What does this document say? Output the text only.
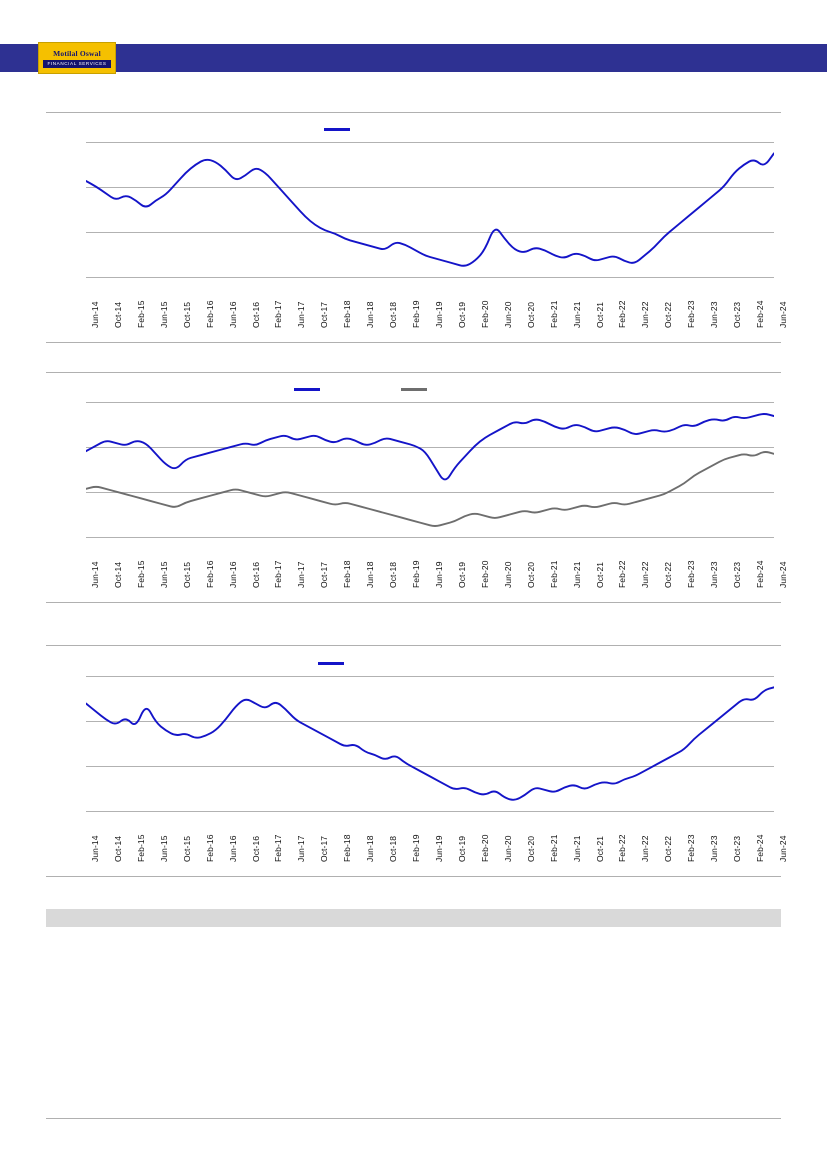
Motilal Oswal
FINANCIAL SERVICES
Jun-14 Oct-14 Feb-15 Jun-15 Oct-15 Feb-16 Jun-16 Oct-16 Feb-17 Jun-17 Oct-17 Feb-18 Jun-18 Oct-18 Feb-19 Jun-19 Oct-19 Feb-20 Jun-20 Oct-20 Feb-21 Jun-21 Oct-21 Feb-22 Jun-22 Oct-22 Feb-23 Jun-23 Oct-23 Feb-24 Jun-24
Jun-14 Oct-14 Feb-15 Jun-15 Oct-15 Feb-16 Jun-16 Oct-16 Feb-17 Jun-17 Oct-17 Feb-18 Jun-18 Oct-18 Feb-19 Jun-19 Oct-19 Feb-20 Jun-20 Oct-20 Feb-21 Jun-21 Oct-21 Feb-22 Jun-22 Oct-22 Feb-23 Jun-23 Oct-23 Feb-24 Jun-24
Jun-14 Oct-14 Feb-15 Jun-15 Oct-15 Feb-16 Jun-16 Oct-16 Feb-17 Jun-17 Oct-17 Feb-18 Jun-18 Oct-18 Feb-19 Jun-19 Oct-19 Feb-20 Jun-20 Oct-20 Feb-21 Jun-21 Oct-21 Feb-22 Jun-22 Oct-22 Feb-23 Jun-23 Oct-23 Feb-24 Jun-24
